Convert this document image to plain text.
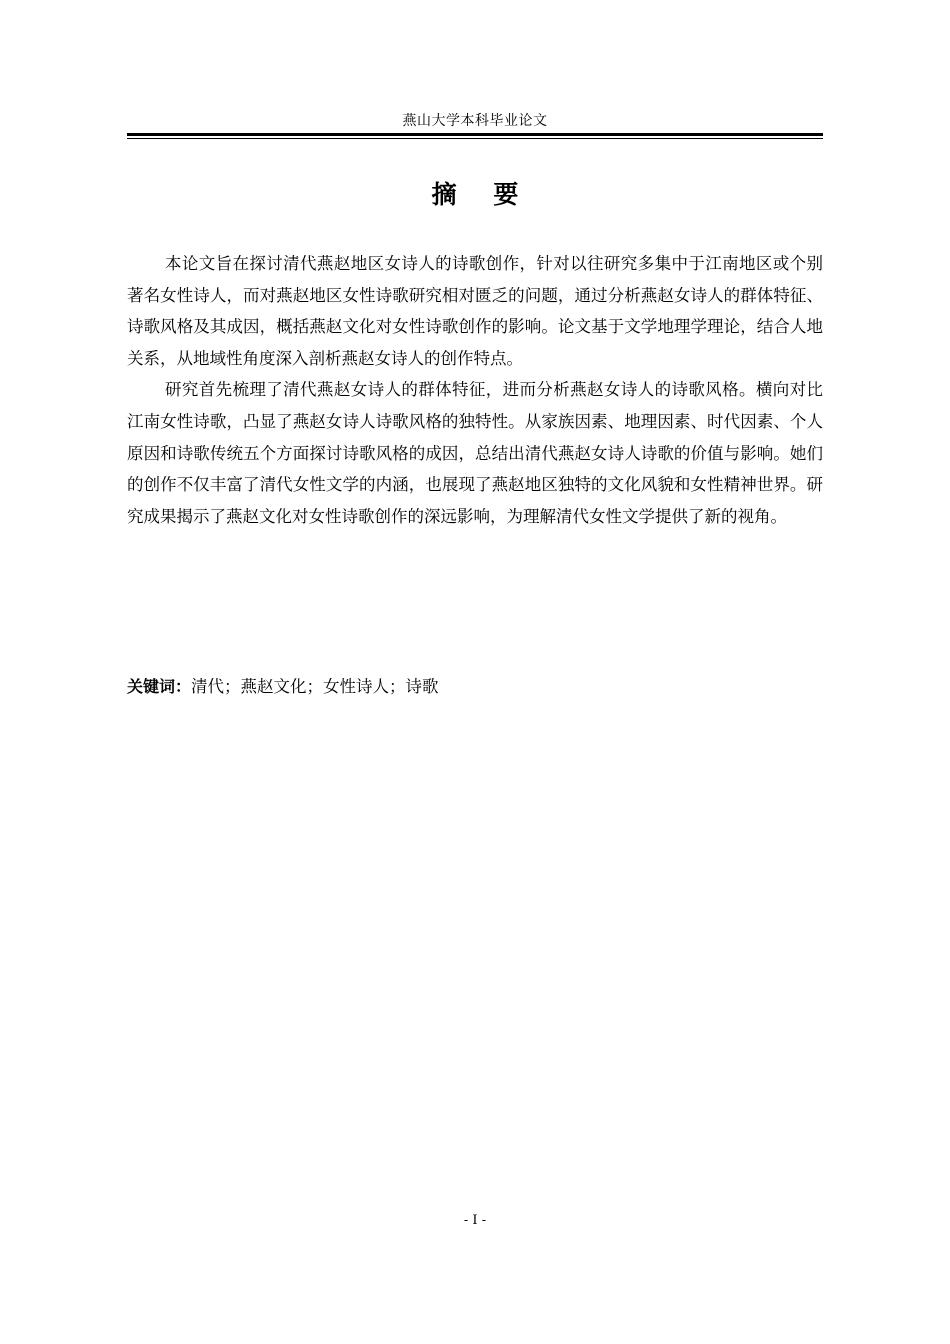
燕山大学本科毕业论文
摘 要

本论文旨在探讨清代燕赵地区女诗人的诗歌创作，针对以往研究多集中于江南地区或个别著名女性诗人，而对燕赵地区女性诗歌研究相对匮乏的问题，通过分析燕赵女诗人的群体特征、诗歌风格及其成因，概括燕赵文化对女性诗歌创作的影响。论文基于文学地理学理论，结合人地关系，从地域性角度深入剖析燕赵女诗人的创作特点。

研究首先梳理了清代燕赵女诗人的群体特征，进而分析燕赵女诗人的诗歌风格。横向对比江南女性诗歌，凸显了燕赵女诗人诗歌风格的独特性。从家族因素、地理因素、时代因素、个人原因和诗歌传统五个方面探讨诗歌风格的成因，总结出清代燕赵女诗人诗歌的价值与影响。她们的创作不仅丰富了清代女性文学的内涵，也展现了燕赵地区独特的文化风貌和女性精神世界。研究成果揭示了燕赵文化对女性诗歌创作的深远影响，为理解清代女性文学提供了新的视角。

关键词：清代；燕赵文化；女性诗人；诗歌
- I -
